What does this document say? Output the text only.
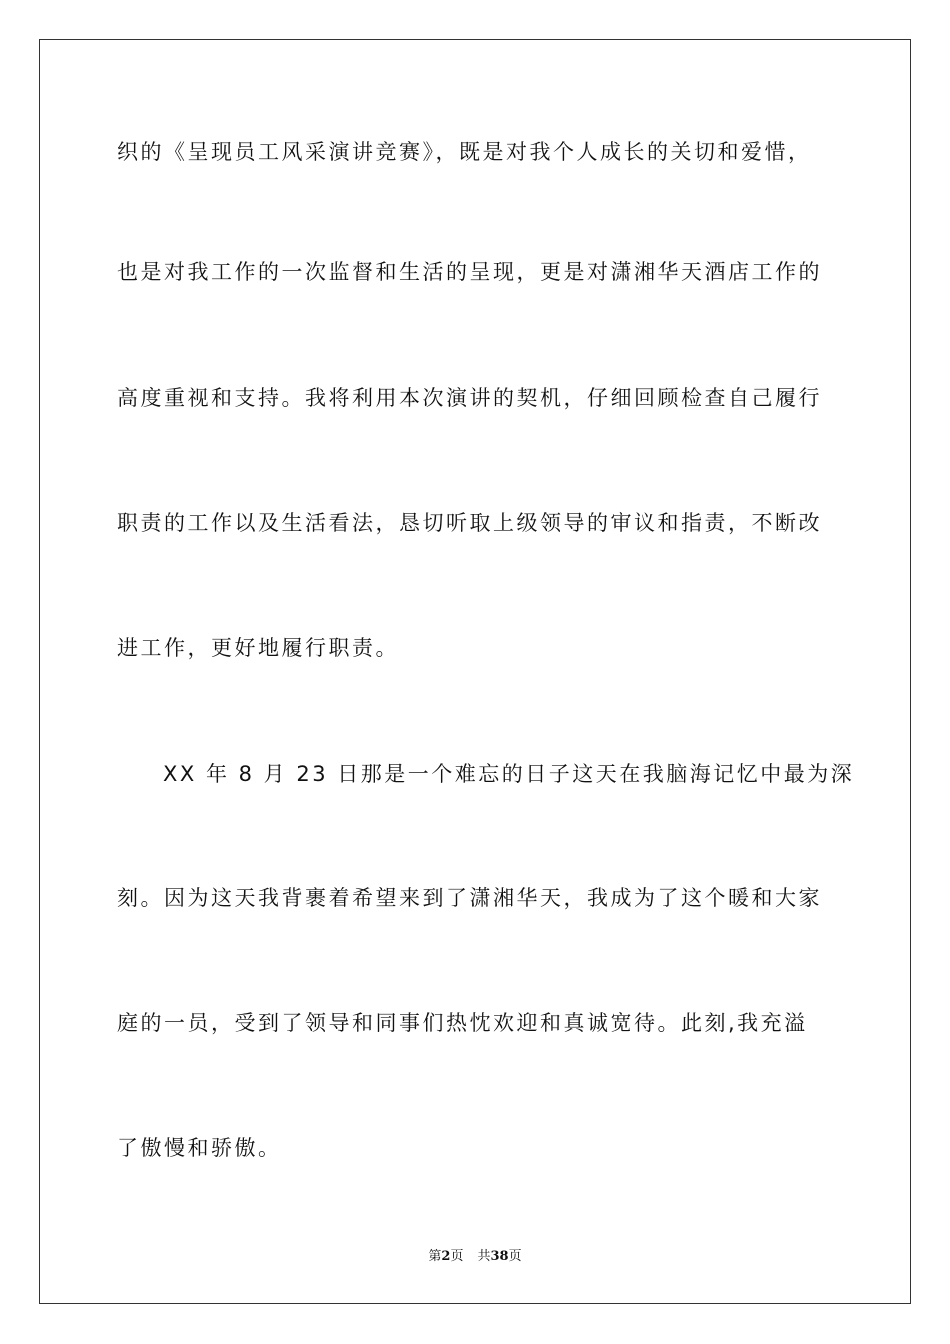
织的《呈现员工风采演讲竞赛》，既是对我个人成长的关切和爱惜，
也是对我工作的一次监督和生活的呈现，更是对潇湘华天酒店工作的
高度重视和支持。我将利用本次演讲的契机，仔细回顾检查自己履行
职责的工作以及生活看法，恳切听取上级领导的审议和指责，不断改
进工作，更好地履行职责。
XX 年 8 月 23 日那是一个难忘的日子这天在我脑海记忆中最为深
刻。因为这天我背裹着希望来到了潇湘华天，我成为了这个暖和大家
庭的一员，受到了领导和同事们热忱欢迎和真诚宽待。此刻,我充溢
了傲慢和骄傲。
第2页 共38页
